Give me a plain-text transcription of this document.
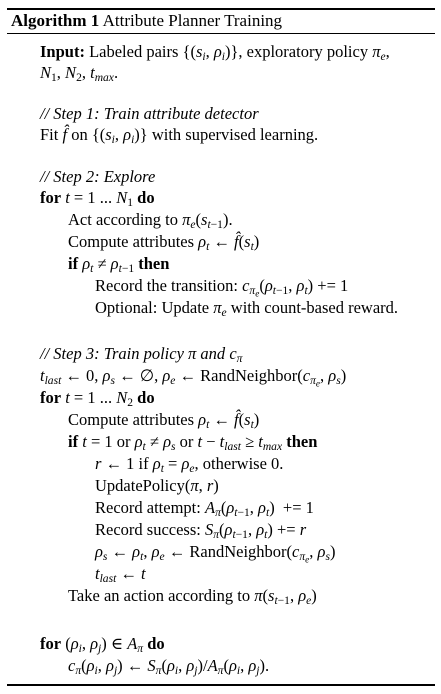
Algorithm 1 Attribute Planner Training
Input: Labeled pairs {($s_i$, $\rho_i$)}, exploratory policy $\pi_e$,
$N_1$, $N_2$, $t_{max}$.
// Step 1: Train attribute detector
Fit f̂ on {($s_i$, $\rho_i$)} with supervised learning.
// Step 2: Explore
for t = 1 ... $N_1$ do
Act according to $\pi_e(s_{t-1})$.
Compute attributes $\rho_t$ ← $f̂(s_t)$
if $\rho_t \ne \rho_{t-1}$ then
Record the transition: $c_{\pi_e}(\rho_{t-1}$, $\rho_t) += 1$
Optional: Update $\pi_e$ with count-based reward.
// Step 3: Train policy π and $c_\pi$
$t_{last}$ ← 0, $\rho_s$ ← ∅, $\rho_e$ ← $RandNeighbor(c_{\pi_e}$, $\rho_s$)
for t = 1 ... $N_2$ do
Compute attributes $\rho_t$ ← $f̂(s_t)$
if t = 1 or $\rho_t \ne \rho_s$ or $t - t_{last} \ge t_{max}$ then
r ← 1 if $\rho_t = \rho_e$, otherwise 0.
UpdatePolicy(π, r)
Record attempt: $A_\pi(\rho_{t-1}$, $\rho_t) += 1$
Record success: $S_\pi(\rho_{t-1}$, $\rho_t) += r$
$\rho_s$ ← $\rho_t$, $\rho_e$ ← $RandNeighbor(c_{\pi_e}$, $\rho_s$)
$t_{last}$ ← t
Take an action according to $\pi(s_{t-1}$, $\rho_e$)
for ($\rho_i$, $\rho_j$) ∈ $A_\pi$ do
$c_\pi(\rho_i$, $\rho_j$) ← $S_\pi(\rho_i$, $\rho_j)/A_\pi(\rho_i$, $\rho_j$).
